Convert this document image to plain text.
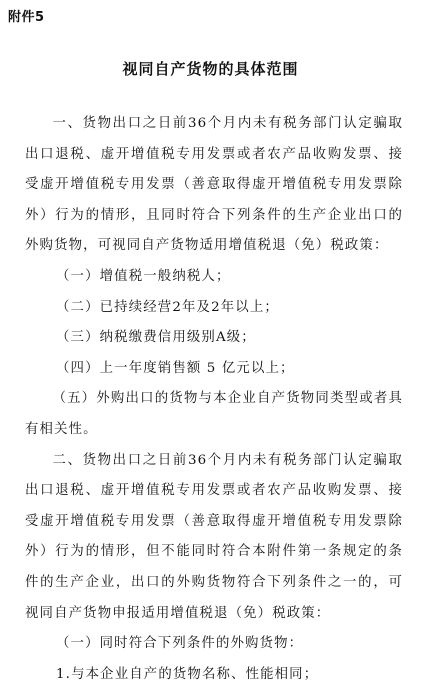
附件5
视同自产货物的具体范围

一、货物出口之日前36个月内未有税务部门认定骗取出口退税、虚开增值税专用发票或者农产品收购发票、接受虚开增值税专用发票（善意取得虚开增值税专用发票除外）行为的情形，且同时符合下列条件的生产企业出口的外购货物，可视同自产货物适用增值税退（免）税政策：

（一）增值税一般纳税人；

（二）已持续经营2年及2年以上；

（三）纳税缴费信用级别A级；

（四）上一年度销售额 5 亿元以上；

（五）外购出口的货物与本企业自产货物同类型或者具有相关性。

二、货物出口之日前36个月内未有税务部门认定骗取出口退税、虚开增值税专用发票或者农产品收购发票、接受虚开增值税专用发票（善意取得虚开增值税专用发票除外）行为的情形，但不能同时符合本附件第一条规定的条件的生产企业，出口的外购货物符合下列条件之一的，可视同自产货物申报适用增值税退（免）税政策：

（一）同时符合下列条件的外购货物：

1.与本企业自产的货物名称、性能相同；
